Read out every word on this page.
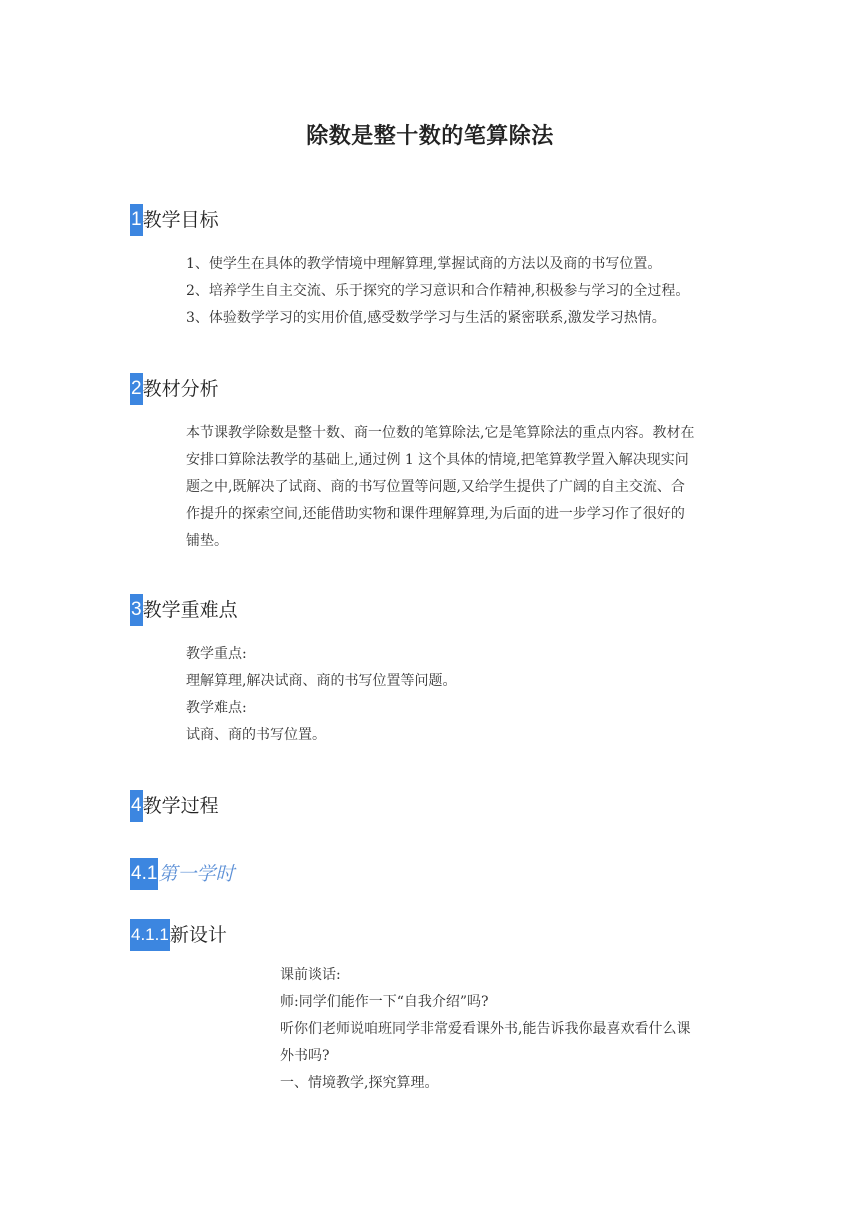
除数是整十数的笔算除法
1 教学目标

1、使学生在具体的教学情境中理解算理,掌握试商的方法以及商的书写位置。

2、培养学生自主交流、乐于探究的学习意识和合作精神,积极参与学习的全过程。

3、体验数学学习的实用价值,感受数学学习与生活的紧密联系,激发学习热情。

2 教材分析

本节课教学除数是整十数、商一位数的笔算除法,它是笔算除法的重点内容。教材在

安排口算除法教学的基础上,通过例 1 这个具体的情境,把笔算教学置入解决现实问

题之中,既解决了试商、商的书写位置等问题,又给学生提供了广阔的自主交流、合

作提升的探索空间,还能借助实物和课件理解算理,为后面的进一步学习作了很好的

铺垫。

3 教学重难点

教学重点:

理解算理,解决试商、商的书写位置等问题。

教学难点:

试商、商的书写位置。

4 教学过程
4.1 第一学时
4.1.1 新设计

课前谈话:

师:同学们能作一下“自我介绍”吗?

听你们老师说咱班同学非常爱看课外书,能告诉我你最喜欢看什么课

外书吗?

一、情境教学,探究算理。
